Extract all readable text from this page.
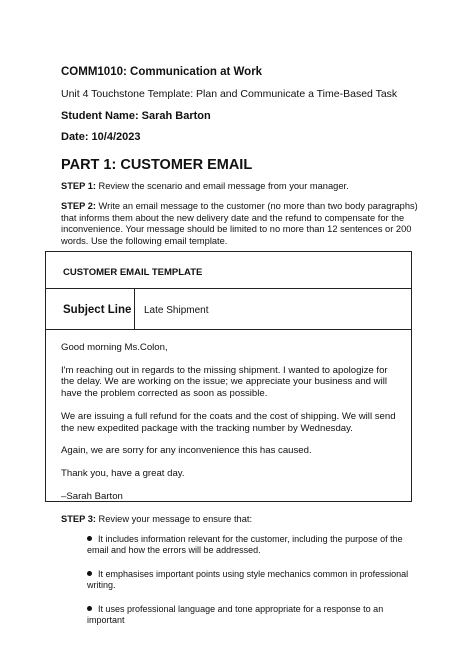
COMM1010: Communication at Work
Unit 4 Touchstone Template: Plan and Communicate a Time-Based Task
Student Name: Sarah Barton
Date: 10/4/2023
PART 1: CUSTOMER EMAIL
STEP 1: Review the scenario and email message from your manager.
STEP 2: Write an email message to the customer (no more than two body paragraphs) that informs them about the new delivery date and the refund to compensate for the inconvenience. Your message should be limited to no more than 12 sentences or 200 words. Use the following email template.
CUSTOMER EMAIL TEMPLATE
Subject Line Late Shipment

Good morning Ms.Colon,

I'm reaching out in regards to the missing shipment. I wanted to apologize for the delay. We are working on the issue; we appreciate your business and will have the problem corrected as soon as possible.

We are issuing a full refund for the coats and the cost of shipping. We will send the new expedited package with the tracking number by Wednesday.

Again, we are sorry for any inconvenience this has caused.

Thank you, have a great day.

–Sarah Barton

STEP 3: Review your message to ensure that:
It includes information relevant for the customer, including the purpose of the email and how the errors will be addressed.
It emphasises important points using style mechanics common in professional writing.
It uses professional language and tone appropriate for a response to an important
